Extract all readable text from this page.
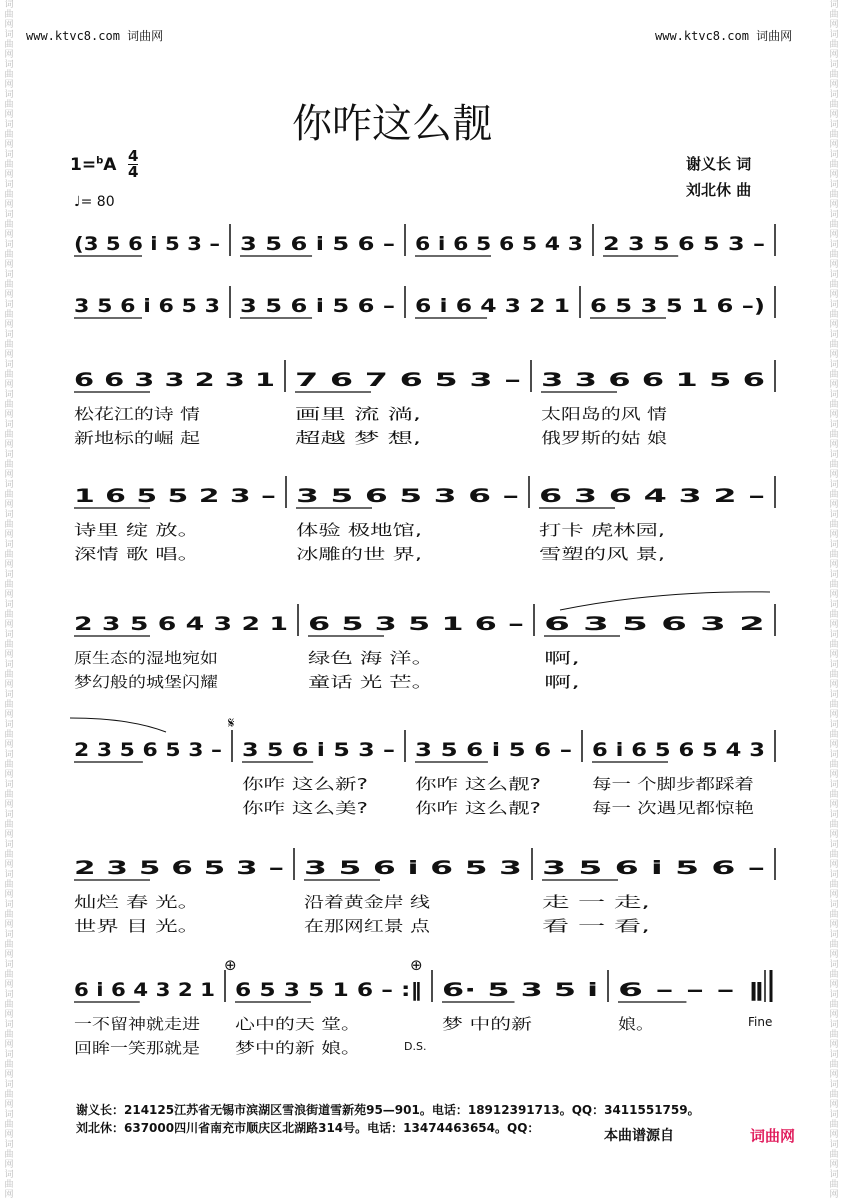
词曲网词曲网词曲网词曲网词曲网词曲网词曲网词曲网词曲网词曲网词曲网词曲网词曲网词曲网词曲网词曲网词曲网词曲网词曲网词曲网词曲网词曲网词曲网词曲网词曲网词曲网词曲网词曲网词曲网词曲网词曲网词曲网词曲网词曲网词曲网词曲网词曲网词曲网词曲网词曲网
词曲网词曲网词曲网词曲网词曲网词曲网词曲网词曲网词曲网词曲网词曲网词曲网词曲网词曲网词曲网词曲网词曲网词曲网词曲网词曲网词曲网词曲网词曲网词曲网词曲网词曲网词曲网词曲网词曲网词曲网词曲网词曲网词曲网词曲网词曲网词曲网词曲网词曲网词曲网词曲网
www.ktvc8.com 词曲网	www.ktvc8.com 词曲网
你咋这么靓
1=$^b$A 4
4
♩= 80
谢义长 词
刘北休 曲
(3 5 6 i 5 3 – 3 5 6 i 5 6 – 6 i 6 5 6 5 4 3 2 3 5 6 5 3 –
3 5 6 i 6 5 3 3 5 6 i 5 6 – 6 i 6 4 3 2 1 6 5 3 5 1 6 –)
6 6 3 3 2 3 1 7 6 7 6 5 3 – 3 3 6 6 1 5 6
松花江的诗 情	画里 流 淌,	太阳岛的风 情
新地标的崛 起	超越 梦 想,	俄罗斯的姑 娘
1 6 5 5 2 3 – 3 5 6 5 3 6 – 6 3 6 4 3 2 –
诗里 绽 放。	体验 极地馆,	打卡 虎林园,
深情 歌 唱。	冰雕的世 界,	雪塑的风 景,
2 3 5 6 4 3 2 1 6 5 3 5 1 6 – 6 3 5 6 3 2
原生态的湿地宛如	绿色 海 洋。	啊,
梦幻般的城堡闪耀	童话 光 芒。	啊,
2 3 5 6 5 3 – 3 5 6 i 5 3 – 3 5 6 i 5 6 – 6 i 6 5 6 5 4 3
你咋 这么新?	你咋 这么靓?	每一 个脚步都踩着
你咋 这么美?	你咋 这么靓?	每一 次遇见都惊艳
2 3 5 6 5 3 – 3 5 6 i 6 5 3 3 5 6 i 5 6 –
灿烂 春 光。	沿着黄金岸 线	走 一 走,
世界 目 光。	在那网红景 点	看 一 看,
6 i 6 4 3 2 1 6 5 3 5 1 6 – :‖ 6· 5 3 5 i 6 – – – ‖
一不留神就走进 心中的天 堂。	梦 中的新	娘。
回眸一笑那就是 梦中的新 娘。
𝄋
⊕	⊕
D.S.
Fine
谢义长：214125江苏省无锡市滨湖区雪浪街道雪新苑95—901。电话：18912391713。QQ：3411551759。
刘北休：637000四川省南充市顺庆区北湖路314号。电话：13474463654。QQ：	本曲谱源自	词曲网
